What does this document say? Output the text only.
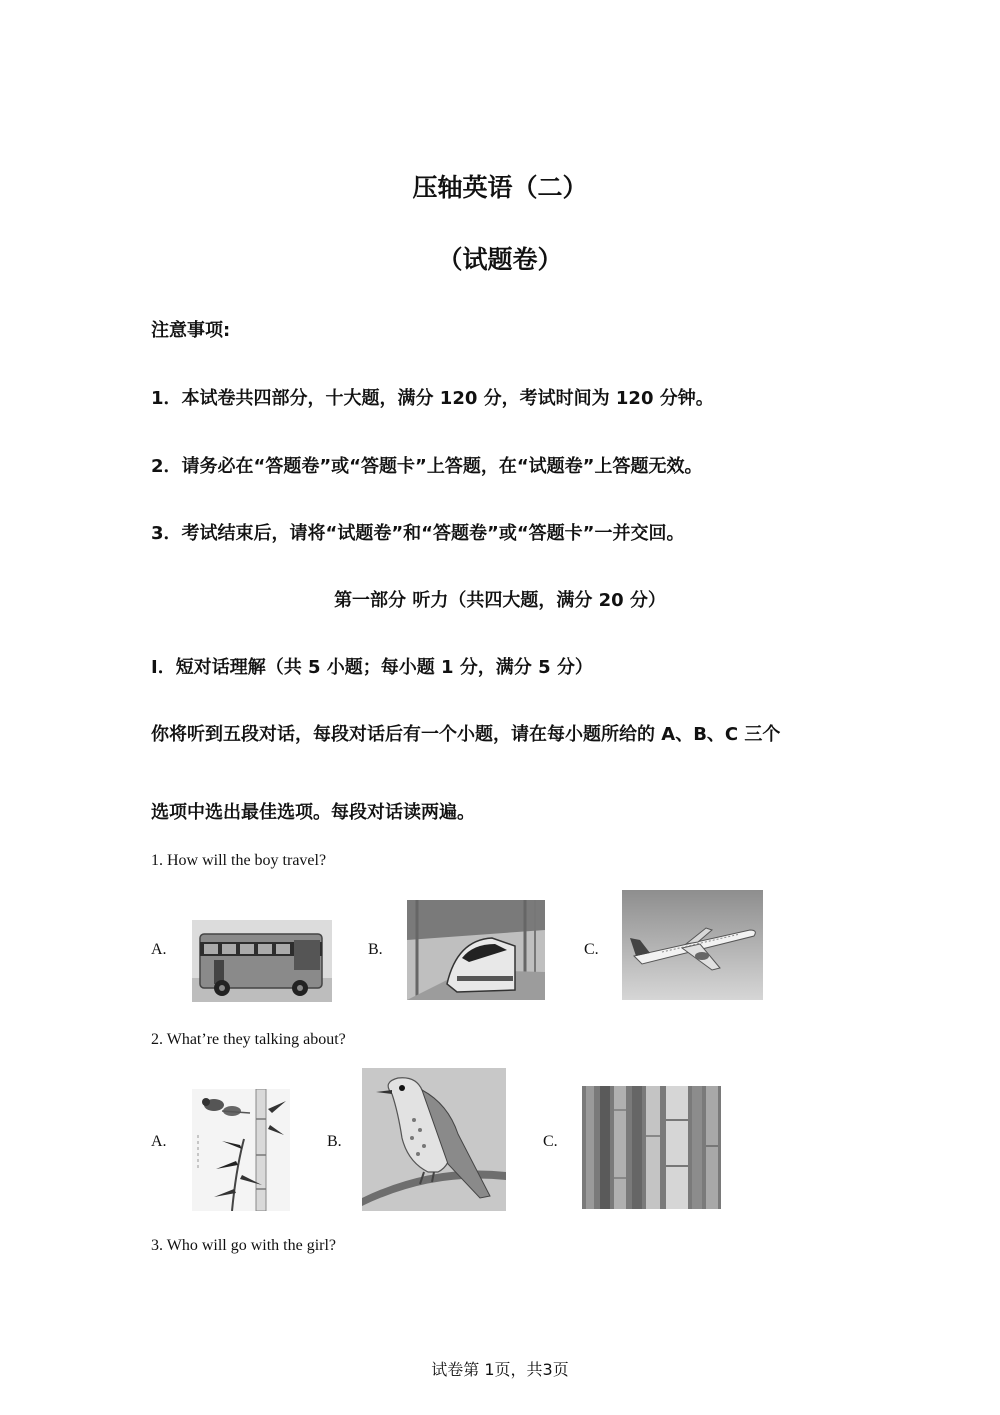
压轴英语（二）
（试题卷）
注意事项:
1．本试卷共四部分，十大题，满分 120 分，考试时间为 120 分钟。
2．请务必在“答题卷”或“答题卡”上答题，在“试题卷”上答题无效。
3．考试结束后，请将“试题卷”和“答题卷”或“答题卡”一并交回。
第一部分 听力（共四大题，满分 20 分）
I．短对话理解（共 5 小题；每小题 1 分，满分 5 分）
你将听到五段对话，每段对话后有一个小题，请在每小题所给的 A、B、C 三个
选项中选出最佳选项。每段对话读两遍。
1. How will the boy travel?
A.	B.	C.
2. What’re they talking about?
A.	B.	C.
3. Who will go with the girl?
试卷第 1页，共3页
